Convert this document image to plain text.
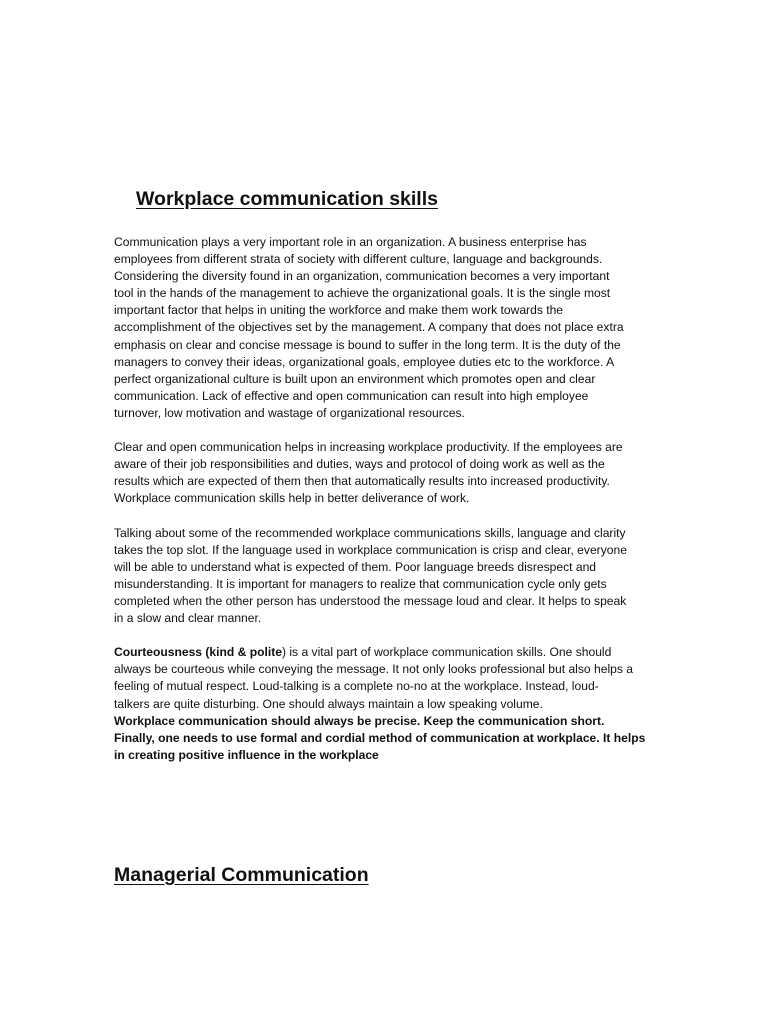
Workplace communication skills

Communication plays a very important role in an organization. A business enterprise has
employees from different strata of society with different culture, language and backgrounds.
Considering the diversity found in an organization, communication becomes a very important
tool in the hands of the management to achieve the organizational goals. It is the single most
important factor that helps in uniting the workforce and make them work towards the
accomplishment of the objectives set by the management. A company that does not place extra
emphasis on clear and concise message is bound to suffer in the long term. It is the duty of the
managers to convey their ideas, organizational goals, employee duties etc to the workforce. A
perfect organizational culture is built upon an environment which promotes open and clear
communication. Lack of effective and open communication can result into high employee
turnover, low motivation and wastage of organizational resources.

Clear and open communication helps in increasing workplace productivity. If the employees are
aware of their job responsibilities and duties, ways and protocol of doing work as well as the
results which are expected of them then that automatically results into increased productivity.
Workplace communication skills help in better deliverance of work.

Talking about some of the recommended workplace communications skills, language and clarity
takes the top slot. If the language used in workplace communication is crisp and clear, everyone
will be able to understand what is expected of them. Poor language breeds disrespect and
misunderstanding. It is important for managers to realize that communication cycle only gets
completed when the other person has understood the message loud and clear. It helps to speak
in a slow and clear manner.

Courteousness (kind & polite) is a vital part of workplace communication skills. One should
always be courteous while conveying the message. It not only looks professional but also helps a
feeling of mutual respect. Loud-talking is a complete no-no at the workplace. Instead, loud-
talkers are quite disturbing. One should always maintain a low speaking volume.
Workplace communication should always be precise. Keep the communication short.
Finally, one needs to use formal and cordial method of communication at workplace. It helps
in creating positive influence in the workplace

Managerial Communication
